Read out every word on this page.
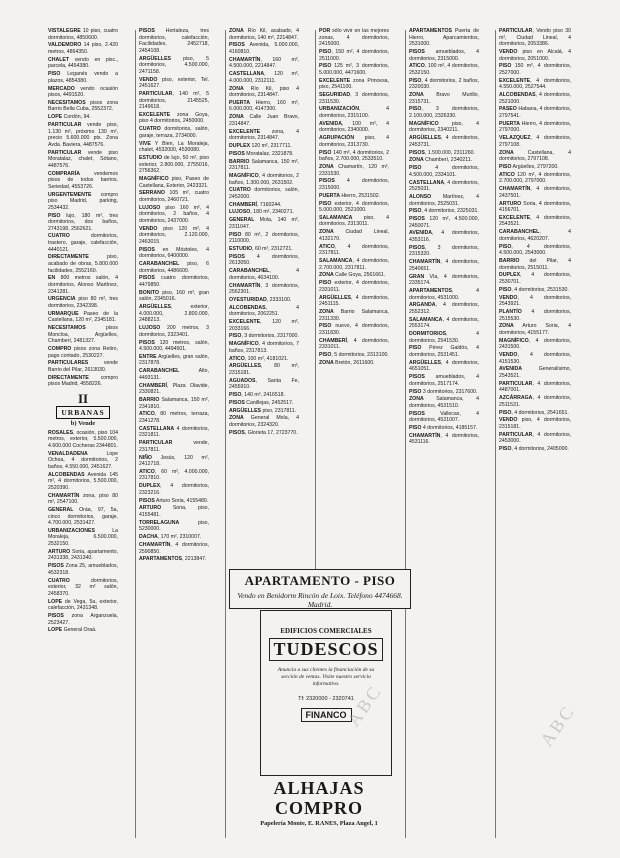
VISTALEGRE 10 piso, cuatro dormitorios, 4850600.

VALDEMORO 14 piso, 2.420 metros, 4864350.

CHALET vendo en pisc., parcela, 4454380.

PISO Leganés vendo a plazos, 4854380.

MERCADO vendo ocasión pisos, 4491520.

NECESITAMOS pisos zona Barrio Bella Cuba, 2552372.

LOPE Cordón, 94.

PARTICULAR vende piso, 1.130 m², próximo 130 m², precio 5.600.000 pts. Zona Avda. Baviera, 4487576.

PARTICULAR vende piso Moratalaz, chalet, Sótano, 4487576.

COMPRARÍA vendemos pisos de todos barrios. Seriedad, 4553726.

URGENTEMENTE compro piso Madrid, parking, 2534432.

PISO lujo, 180 m², tres dormitorios, dos baños, 2743198, 2562621.

CUATRO dormitorios, trastero, garaje, calefacción, 4440121.

DIRECTAMENTE piso, acabado de obras, 5.800.000 facilidades, 2552160.

EN 800 metros salón, 4 dormitorios, Alonso Martínez, 2341281.

URGENCIA piso 80 m², tres dormitorios, 2342398.

URMARQUE Paseo de la Castellana, 120 m², 2345181.

NECESITAMOS pisos Moncloa, Argüelles, Chamberí, 2481327.

COMPRO pisos zona Retiro, pago contado, 2530227.

PARTICULARES vende Barrio del Pilar, 2613030.

DIRECTAMENTE compro pisos Madrid, 4558226.

II
URBANAS
b) Vende

ROSALES, ocasión, piso 104 metros, exterior, 5.500.000, 4.600.000 Cocheras 2344801.

VENALDADENA Lope Ochoa, 4 dormitorios, 2 baños, 4.550.000, 2451627.

ALCOBENDAS Avenida 145 m², 4 dormitorios, 5.500.000, 2520390.

CHAMARTÍN zona, piso 80 m², 2547100.

GENERAL Oráa, 97, 5a, cinco dormitorios, garaje, 4.700.000, 2531427.

URBANIZACIONES La Moraleja, 6.500.000, 2532150.

ARTURO Soria, apartamento, 2431338, 2431340.

PISOS Zona 25, amueblados, 4532318.

CUATRO dormitorios, exterior, 32 m² salón, 2458370.

LOPE de Vega, 5a, exterior, calefacción, 2431348.

PISOS zona Arganzuela, 2523427.

LOPE General Oraá.

PISOS Hortaleza, tres dormitorios, calefacción, Facilidades, 2452718, 2454108.

ARGÜELLES piso, 5 dormitorios, 4.500.000, 2471158.

VENDO piso, exterior, Tel. 2451627.

PARTICULAR, 140 m², 5 dormitorios, 2145525, 2149618.

EXCELENTE zona Goya, piso 4 dormitorios, 2450000.

CUATRO dormitorios, salón, garaje, terraza, 2734000.

VIVE Y Bien, La Moraleja, chalet, 4532000, 4530080.

ESTUDIO de lujo, 50 m², piso exterior, 2.800.000, 2755016, 2756362.

MAGNÍFICO piso, Paseo de Castellana, Exterior, 2423321.

SERRANO 105 m², cuatro dormitorios, 2460721.

LUJOSO piso 160 m², 4 dormitorios, 2 baños, 4 dormitorios, 2437000.

VENDO piso 120 m², 4 dormitorios, 2.120.000, 2463015.

PISOS en Móstoles, 4 dormitorios, 6400000.

CARABANCHEL piso, 6 dormitorios, 4486600.

PISOS cuatro dormitorios, 4479850.

BONITO piso, 160 m², gran salón, 2345016.

ARGÜELLES, exterior, 4.000.000, 2.800.000, 2488213.

LUJOSO 200 metros, 3 dormitorios, 2323401.

PISOS 120 metros, salón, 4.500.000, 4494501.

ENTRE Argüelles, gran salón, 2317878.

CARABANCHEL Alto, 4493131.

CHAMBERÍ, Plaza Olavide, 2330821.

BARRIO Salamanca, 150 m², 2341810.

ATICO, 80 metros, terraza, 2341278.

CASTELLANA 4 dormitorios, 2321811.

PARTICULAR vende, 2317811.

NIÑO Jesús, 120 m², 2412718.

ATICO, 60 m², 4.000.000, 2317810.

DUPLEX, 4 dormitorios, 2323216.

PISOS Arturo Soria, 4155480.

ARTURO Soria, piso, 4155481.

TORRELAGUNA piso, 5230000.

DACHA, 170 m², 2310007.

CHAMARTÍN, 4 dormitorios, 2590850.

APARTAMENTOS, 2213847.

ZONA Río Kil, acabado, 4 dormitorios, 140 m², 2214847.

PISOS Avenida, 5.000.000, 4160810.

CHAMARTÍN, 160 m², 4.500.000, 2214847.

CASTELLANA, 120 m², 4.000.000, 2312111.

ZONA Río Kil, piso 4 dormitorios, 2314847.

PUERTA Hierro, 160 m², 6.000.000, 4147300.

ZONA Calle Juan Bravo, 2314847.

EXCELENTE zona, 4 dormitorios, 2314847.

DUPLEX 120 m², 2317711.

PISOS Moratalaz, 2321878.

BARRIO Salamanca, 150 m², 2317811.

MAGNÍFICO, 4 dormitorios, 2 baños, 1.300.000, 2631502.

CUATRO dormitorios, salón, 2452000.

CHAMBERÍ, 7160244.

LUJOSO, 180 m², 2340271.

GENERAL Mola, 140 m², 2311047.

PISO 80 m², 2 dormitorios, 2110000.

ESTUDIO, 60 m², 2312721.

PISOS 4 dormitorios, 2613050.

CARABANCHEL, 4 dormitorios, 4634100.

CHAMARTÍN, 3 dormitorios, 2562301.

OYESTURIDAD, 2333100.

ALCOBENDAS, 4 dormitorios, 2062251.

EXCELENTE, 120 m², 2033166.

PISO, 3 dormitorios, 2317000.

MAGNÍFICO, 4 dormitorios, 7 baños, 2317813.

ATICO, 100 m², 4181021.

ARGÜELLES, 80 m², 2315181.

AGUADOS, Santa Fe, 2455910.

PISO, 140 m², 2416518.

PISOS Canillejas, 2452517.

ARGÜELLES piso, 2317811.

ZONA General Mola, 4 dormitorios, 2324320.

PISOS, Glorieta 17, 2723770.

POR sólo vivir en las mejores zonas, 4 dormitorios, 2415000.

PISO, 150 m², 4 dormitorios, 2511000.

PISO 125 m², 3 dormitorios, 5.000.000, 4471600.

EXCELENTE zona Princesa, piso, 2541100.

SEGURIDAD, 3 dormitorios, 2311530.

URBANIZACIÓN, 4 dormitorios, 2315100.

AVENIDA, 100 m², 4 dormitorios, 2340000.

AGRUPACIÓN piso, 4 dormitorios, 2313730.

PISO 140 m², 4 dormitorios, 2 baños, 2.700.000, 2533510.

ZONA Chamartín, 120 m², 2331530.

PISOS 4 dormitorios, 2315000.

PUERTA Hierro, 2531502.

PISO exterior, 4 dormitorios, 5.000.000, 2521000.

SALAMANCA piso, 4 dormitorios, 2313011.

ZONA Ciudad Lineal, 4132170.

ATICO, 4 dormitorios, 2317811.

SALAMANCA, 4 dormitorios, 2.700.000, 2317811.

ZONA Calle Goya, 2561661.

PISO exterior, 4 dormitorios, 2331011.

ARGÜELLES, 4 dormitorios, 2451115.

ZONA Barrio Salamanca, 2311330.

PISO nuevo, 4 dormitorios, 2311830.

CHAMBERÍ, 4 dormitorios, 2331011.

PISO, 5 dormitorios, 2313100.

ZONA Bretón, 2611600.

APARTAMENTOS Puerta de Hierro, Aparcamientos, 2531000.

PISOS amueblados, 4 dormitorios, 2315000.

ATICO, 100 m², 4 dormitorios, 2532150.

PISO, 4 dormitorios, 2 baños, 2320030.

ZONA Bravo Murillo, 2315731.

PISO, 3 dormitorios, 2.100.000, 2326330.

MAGNÍFICO piso, 4 dormitorios, 2340211.

ARGÜELLES, 4 dormitorios, 2453731.

PISOS, 1.500.000, 2311260.

ZONA Chamberí, 2340211.

PISO 4 dormitorios, 4.500.000, 2334101.

CASTELLANA, 4 dormitorios, 2525031.

ALONSO Martínez, 4 dormitorios, 2525031.

PISO, 4 dormitorios, 2325031.

PISOS 120 m², 4.500.000, 2450071.

AVENIDA, 4 dormitorios, 4353116.

PISOS, 3 dormitorios, 2315320.

CHAMARTÍN, 4 dormitorios, 2540651.

GRAN Vía, 4 dormitorios, 2335174.

APARTAMENTOS, 4 dormitorios, 4531000.

ARGANDA, 4 dormitorios, 2552312.

SALAMANCA, 4 dormitorios, 2553174.

DORMITORIOS, 4 dormitorios, 2541530.

PISO Pérez Galdós, 4 dormitorios, 2531451.

ARGÜELLES, 4 dormitorios, 4651051.

PISOS amueblados, 4 dormitorios, 2517174.

PISO 3 dormitorios, 2317600.

ZONA Salamanca, 4 dormitorios, 4531510.

PISOS Vallecas, 4 dormitorios, 4531007.

PISO 4 dormitorios, 4185157.

CHAMARTÍN, 4 dormitorios, 4531116.

PARTICULAR, Vendo piso 30 m², Ciudad Lineal, 4 dormitorios, 2053386.

VENDO piso en Alcalá, 4 dormitorios, 2051000.

PISO 150 m², 4 dormitorios, 2527000.

EXCELENTE, 4 dormitorios, 4.550.000, 2527544.

ALCOBENDAS, 4 dormitorios, 2521000.

PASEO Habana, 4 dormitorios, 2797541.

PUERTA Hierro, 4 dormitorios, 2797000.

VELAZQUEZ, 4 dormitorios, 2797108.

ZONA Castellana, 4 dormitorios, 2797108.

PISO Argüelles, 2797200.

ATICO 120 m², 4 dormitorios, 2.700.000, 2797000.

CHAMARTÍN, 4 dormitorios, 2437501.

ARTURO Soria, 4 dormitorios, 4156701.

EXCELENTE, 4 dormitorios, 2543521.

CARABANCHEL, 4 dormitorios, 4620207.

PISO, 4 dormitorios, 4.500.000, 2543000.

BARRIO del Pilar, 4 dormitorios, 2515011.

DUPLEX, 4 dormitorios, 2530701.

PISO, 4 dormitorios, 2531530.

VENDO, 4 dormitorios, 2543921.

PLANTÍO 4 dormitorios, 2515530.

ZONA Arturo Soria, 4 dormitorios, 4155177.

MAGNÍFICO, 4 dormitorios, 2431500.

VENDO, 4 dormitorios, 4151530.

AVENIDA Generalísimo, 2543521.

PARTICULAR, 4 dormitorios, 4487001.

AZCÁRRAGA, 4 dormitorios, 2511531.

PISO, 4 dormitorios, 2541651.

VENDO piso, 4 dormitorios, 2315181.

PARTICULAR, 4 dormitorios, 2453000.

PISO, 4 dormitorios, 2405000.

APARTAMENTO - PISO
Vendo en Benidorm Rincón de Loix. Teléfono 4474668. Madrid.
EDIFICIOS COMERCIALES
TUDESCOS
Anuncia a sus clientes la financiación de su sección de ventas. Visite nuestro servicio informativo.
Tf: 2320000 - 2320741
FINANCO
ALHAJAS COMPRO
Papelería Monte, E. RANES, Plaza Angel, 1
ABC	ABC
